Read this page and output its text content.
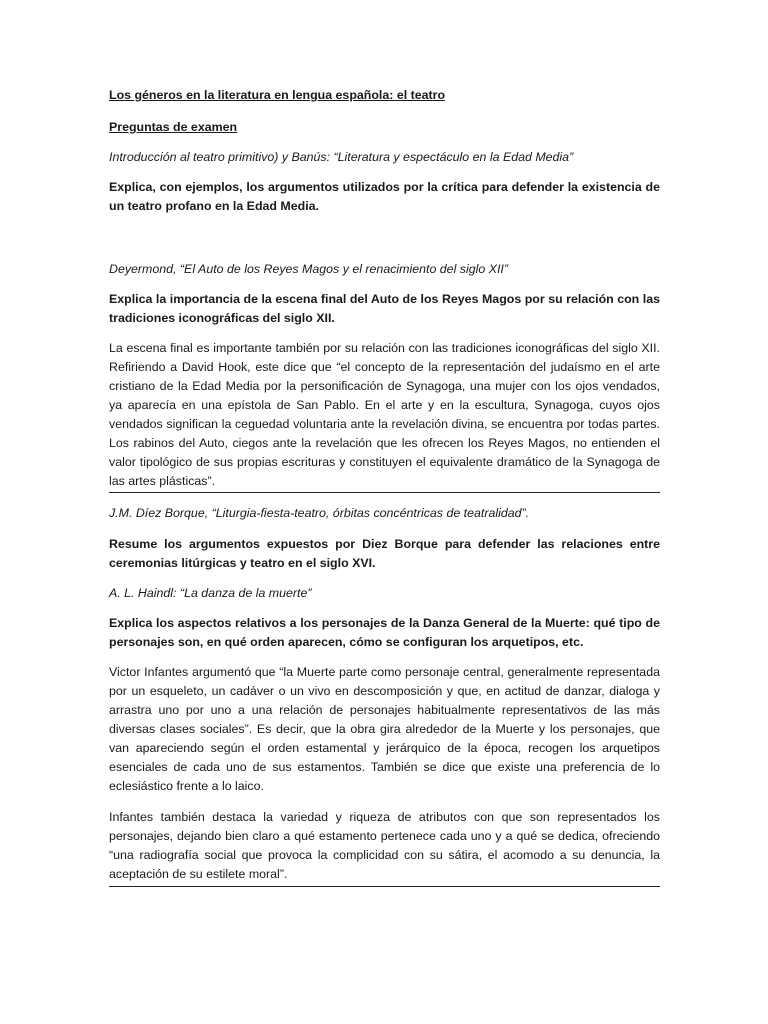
Los géneros en la literatura en lengua española: el teatro

Preguntas de examen

Introducción al teatro primitivo) y Banús: “Literatura y espectáculo en la Edad Media”

Explica, con ejemplos, los argumentos utilizados por la crítica para defender la existencia de un teatro profano en la Edad Media.

Deyermond, “El Auto de los Reyes Magos y el renacimiento del siglo XII”

Explica la importancia de la escena final del Auto de los Reyes Magos por su relación con las tradiciones iconográficas del siglo XII.

La escena final es importante también por su relación con las tradiciones iconográficas del siglo XII. Refiriendo a David Hook, este dice que “el concepto de la representación del judaísmo en el arte cristiano de la Edad Media por la personificación de Synagoga, una mujer con los ojos vendados, ya aparecía en una epístola de San Pablo. En el arte y en la escultura, Synagoga, cuyos ojos vendados significan la ceguedad voluntaria ante la revelación divina, se encuentra por todas partes. Los rabinos del Auto, ciegos ante la revelación que les ofrecen los Reyes Magos, no entienden el valor tipológico de sus propias escrituras y constituyen el equivalente dramático de la Synagoga de las artes plásticas”.

J.M. Díez Borque, “Liturgia-fiesta-teatro, órbitas concéntricas de teatralidad”.

Resume los argumentos expuestos por Diez Borque para defender las relaciones entre ceremonias litúrgicas y teatro en el siglo XVI.

A. L. Haindl: “La danza de la muerte”

Explica los aspectos relativos a los personajes de la Danza General de la Muerte: qué tipo de personajes son, en qué orden aparecen, cómo se configuran los arquetipos, etc.

Victor Infantes argumentó que “la Muerte parte como personaje central, generalmente representada por un esqueleto, un cadáver o un vivo en descomposición y que, en actitud de danzar, dialoga y arrastra uno por uno a una relación de personajes habitualmente representativos de las más diversas clases sociales”. Es decir, que la obra gira alrededor de la Muerte y los personajes, que van apareciendo según el orden estamental y jerárquico de la época, recogen los arquetipos esenciales de cada uno de sus estamentos. También se dice que existe una preferencia de lo eclesiástico frente a lo laico.

Infantes también destaca la variedad y riqueza de atributos con que son representados los personajes, dejando bien claro a qué estamento pertenece cada uno y a qué se dedica, ofreciendo “una radiografía social que provoca la complicidad con su sátira, el acomodo a su denuncia, la aceptación de su estilete moral”.
